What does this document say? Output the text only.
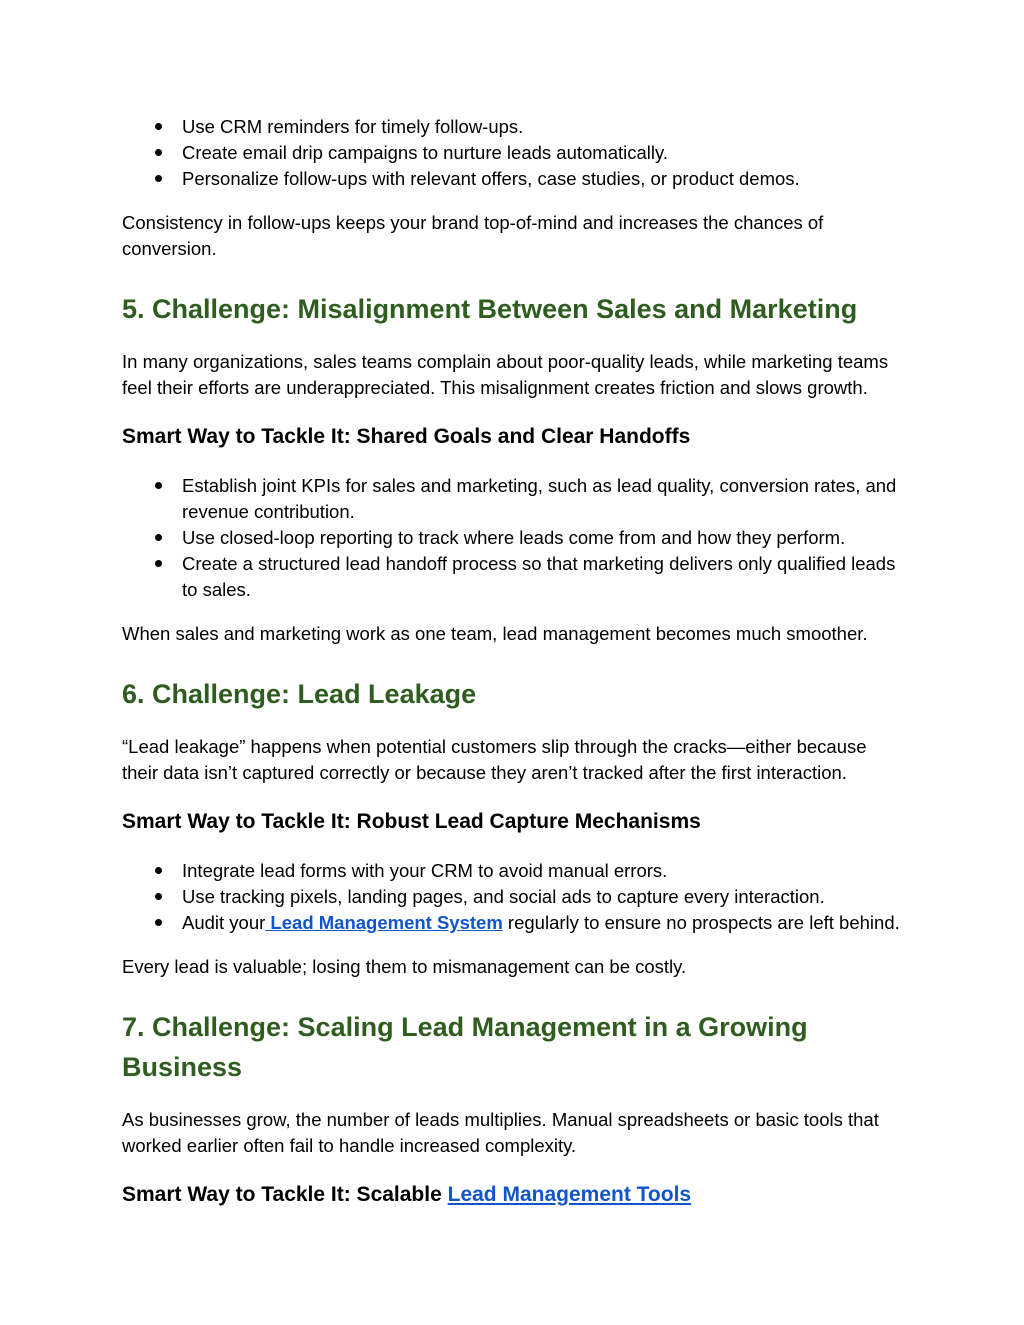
Use CRM reminders for timely follow-ups.
Create email drip campaigns to nurture leads automatically.
Personalize follow-ups with relevant offers, case studies, or product demos.

Consistency in follow-ups keeps your brand top-of-mind and increases the chances of conversion.

5. Challenge: Misalignment Between Sales and Marketing

In many organizations, sales teams complain about poor-quality leads, while marketing teams feel their efforts are underappreciated. This misalignment creates friction and slows growth.

Smart Way to Tackle It: Shared Goals and Clear Handoffs
Establish joint KPIs for sales and marketing, such as lead quality, conversion rates, and revenue contribution.
Use closed-loop reporting to track where leads come from and how they perform.
Create a structured lead handoff process so that marketing delivers only qualified leads to sales.

When sales and marketing work as one team, lead management becomes much smoother.

6. Challenge: Lead Leakage

“Lead leakage” happens when potential customers slip through the cracks—either because their data isn’t captured correctly or because they aren’t tracked after the first interaction.

Smart Way to Tackle It: Robust Lead Capture Mechanisms
Integrate lead forms with your CRM to avoid manual errors.
Use tracking pixels, landing pages, and social ads to capture every interaction.
Audit your Lead Management System regularly to ensure no prospects are left behind.

Every lead is valuable; losing them to mismanagement can be costly.

7. Challenge: Scaling Lead Management in a Growing Business

As businesses grow, the number of leads multiplies. Manual spreadsheets or basic tools that worked earlier often fail to handle increased complexity.

Smart Way to Tackle It: Scalable Lead Management Tools
